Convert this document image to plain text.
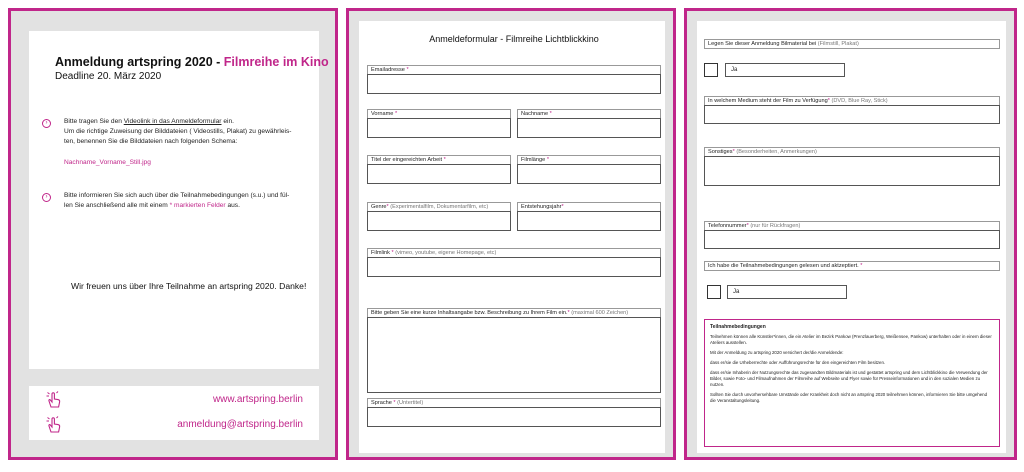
Anmeldung artspring 2020 - Filmreihe im Kino
Deadline 20. März 2020
›	Bitte tragen Sie den Videolink in das Anmeldeformular ein.
Um die richtige Zuweisung der Bilddateien ( Videostills, Plakat) zu gewährleis-
ten, benennen Sie die Bilddateien nach folgenden Schema:
Nachname_Vorname_Still.jpg
›	Bitte informieren Sie sich auch über die Teilnahmebedingungen (s.u.) und fül-
len Sie anschließend alle mit einem * markierten Felder aus.
Wir freuen uns über Ihre Teilnahme an artspring 2020. Danke!
www.artspring.berlin
anmeldung@artspring.berlin
Anmeldeformular - Filmreihe Lichtblickkino
Emailadresse *
Vorname *	Nachname *
Titel der eingereichten Arbeit *	Filmlänge *
Genre* (Experimentalfilm, Dokumentarfilm, etc)	Entstehungsjahr*
Filmlink * (vimeo, youtube, eigene Homepage, etc)
Bitte geben Sie eine kurze Inhaltsangabe bzw. Beschreibung zu Ihrem Film ein.* (maximal 600 Zeichen)
Sprache * (Untertitel)
Legen Sie dieser Anmeldung Bilmaterial bei (Filmstill, Plakat)
Ja
In welchem Medium steht der Film zu Verfügung* (DVD, Blue Ray, Stick)
Sonstiges* (Besonderheiten, Anmerkungen)
Telefonnummer* (nur für Rückfragen)
Ich habe die Teilnahmebedingungen gelesen und aktzeptiert. *
Ja
Teilnahmebedingungen

Teilnehmen können alle Künstler*innen, die ein Atelier im Bezirk Pankow (Prenzlauerberg, Weißensee, Pankow) unterhalten oder in einem dieser Ateliers ausstellen.

Mit der Anmeldung zu artspring 2020 versichert der/die Anmeldende:

dass er/sie die Urheberrechte oder Aufführungsrechte für den eingereichten Film besitzen.

dass er/sie Inhaberin der Nutzungsrechte das zugesandten Bildmaterials ist und gestattet artspring und dem Lichtblickkino die Verwendung der Bilder, sowie Foto- und Filmaufnahmen der Filmreihe auf Webseite und Flyer sowie für Presseinformationen und in den sozialen Medien zu nutzen.

Sollten Sie durch unvorhersehbare Umstände oder Krankheit doch nicht an artspring 2020 teilnehmen können, informieren Sie bitte umgehend die Veranstaltungsleitung.
